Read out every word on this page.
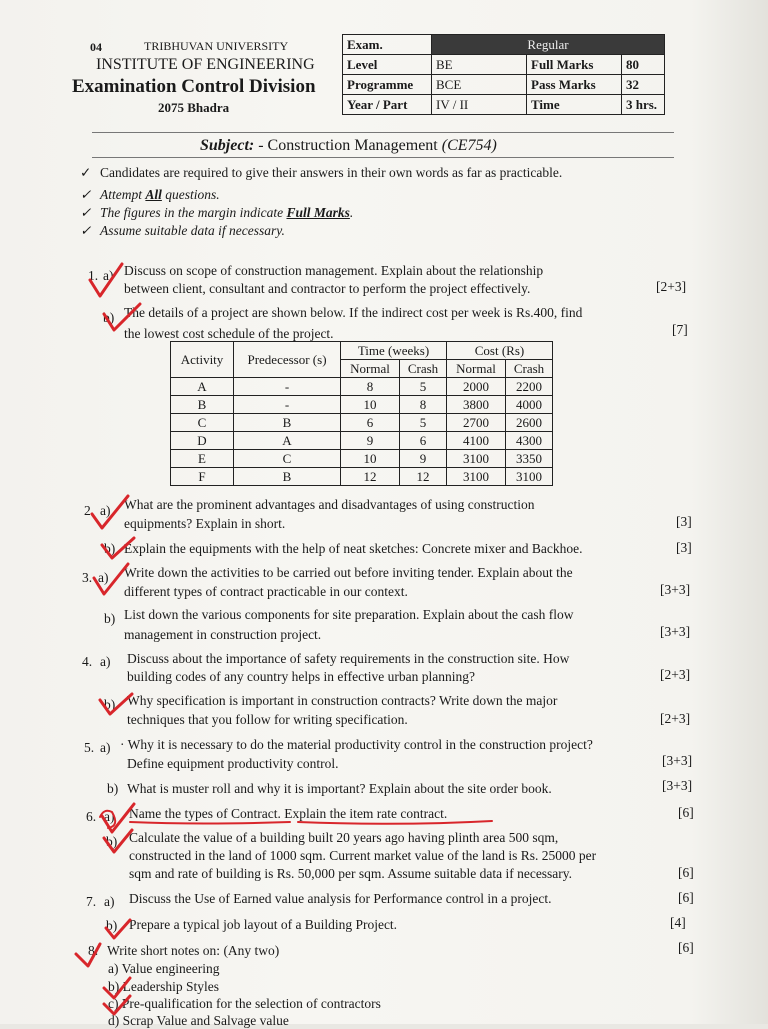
04	TRIBHUVAN UNIVERSITY
INSTITUTE OF ENGINEERING
Examination Control Division
2075 Bhadra
Exam.	Regular		
Level	BE	Full Marks	80
Programme	BCE	Pass Marks	32
Year / Part	IV / II	Time	3 hrs.
Subject: - Construction Management (CE754)
✓ Candidates are required to give their answers in their own words as far as practicable.
✓ Attempt All questions.
✓ The figures in the margin indicate Full Marks.
✓ Assume suitable data if necessary.
1. a) Discuss on scope of construction management. Explain about the relationship
between client, consultant and contractor to perform the project effectively.	[2+3]
b) The details of a project are shown below. If the indirect cost per week is Rs.400, find
the lowest cost schedule of the project.	[7]
Activity	Predecessor (s)	Time (weeks)		Cost (Rs)	
		Normal	Crash	Normal	Crash
A	-	8	5	2000	2200
B	-	10	8	3800	4000
C	B	6	5	2700	2600
D	A	9	6	4100	4300
E	C	10	9	3100	3350
F	B	12	12	3100	3100
2. a) What are the prominent advantages and disadvantages of using construction
equipments? Explain in short.	[3]
b) Explain the equipments with the help of neat sketches: Concrete mixer and Backhoe.	[3]
3. a) Write down the activities to be carried out before inviting tender. Explain about the
different types of contract practicable in our context.	[3+3]
b) List down the various components for site preparation. Explain about the cash flow
management in construction project.	[3+3]
4. a) Discuss about the importance of safety requirements in the construction site. How
building codes of any country helps in effective urban planning?	[2+3]
b) Why specification is important in construction contracts? Write down the major
techniques that you follow for writing specification.	[2+3]
5. a) · Why it is necessary to do the material productivity control in the construction project?
Define equipment productivity control.	[3+3]
b) What is muster roll and why it is important? Explain about the site order book.	[3+3]
6. a) Name the types of Contract. Explain the item rate contract.	[6]
b) Calculate the value of a building built 20 years ago having plinth area 500 sqm,
constructed in the land of 1000 sqm. Current market value of the land is Rs. 25000 per
sqm and rate of building is Rs. 50,000 per sqm. Assume suitable data if necessary.	[6]
7. a) Discuss the Use of Earned value analysis for Performance control in a project.	[6]
b) Prepare a typical job layout of a Building Project.	[4]
8. Write short notes on: (Any two)	[6]
a) Value engineering
b) Leadership Styles
c) Pre-qualification for the selection of contractors
d) Scrap Value and Salvage value
